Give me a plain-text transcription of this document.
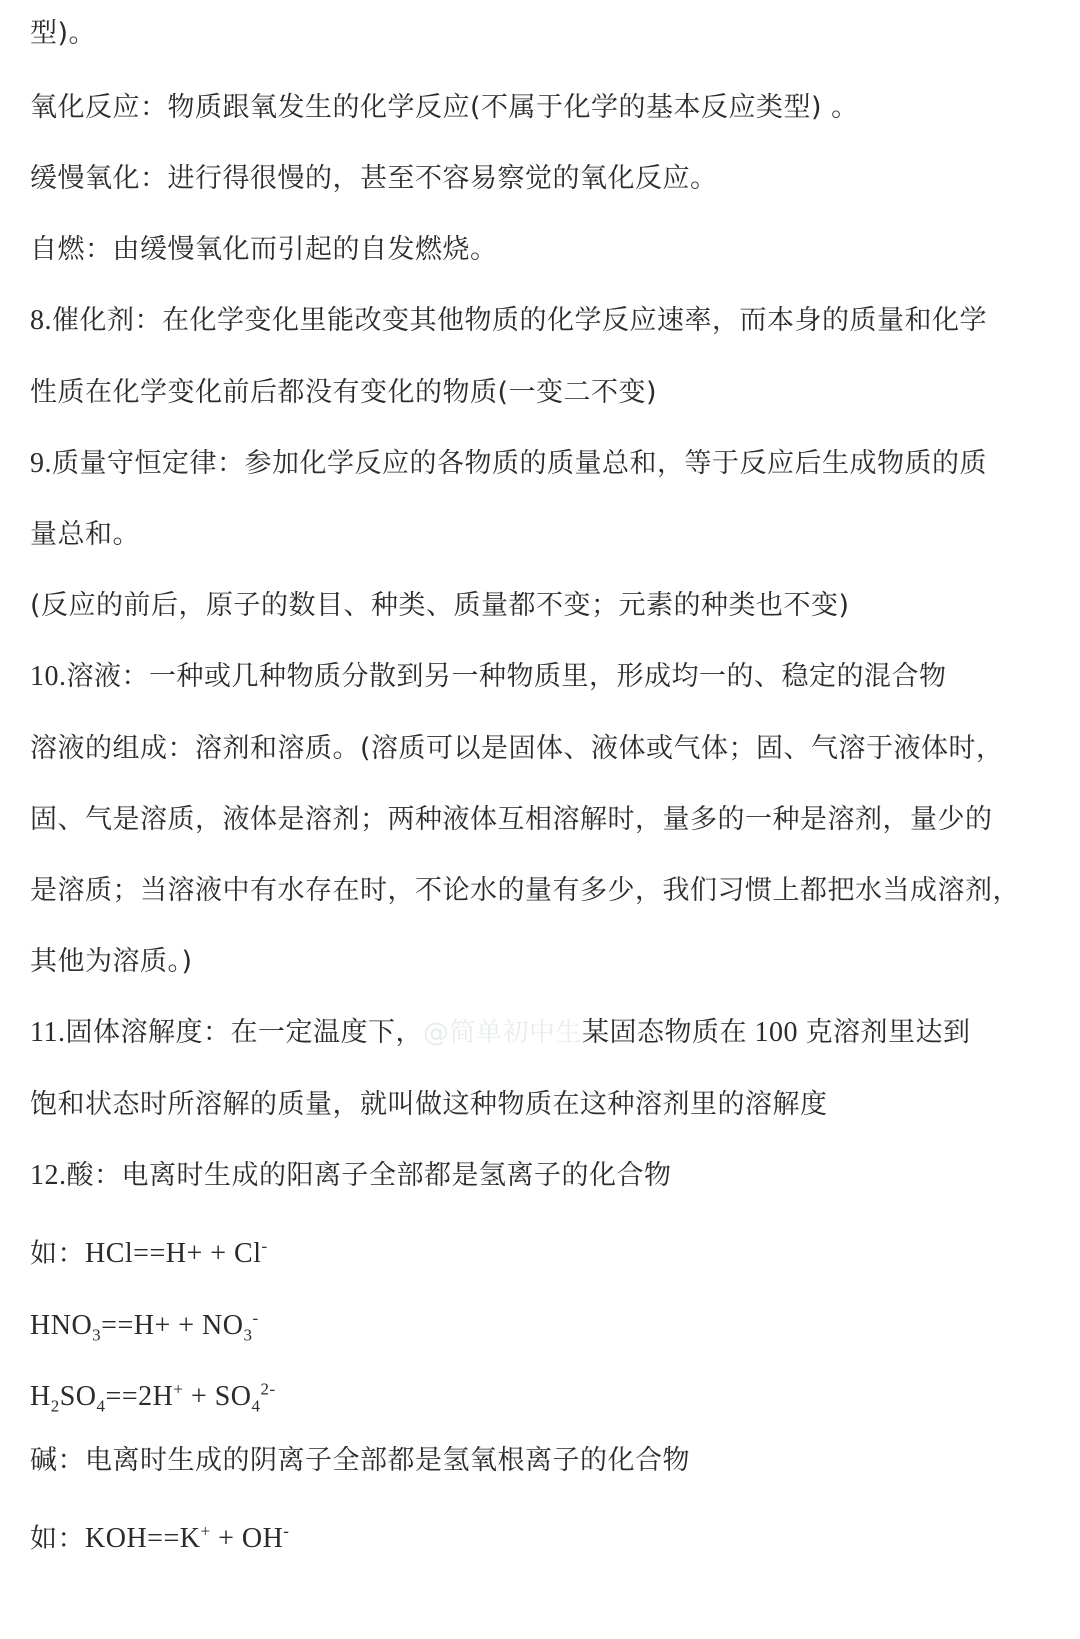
型)。
氧化反应：物质跟氧发生的化学反应(不属于化学的基本反应类型) 。
缓慢氧化：进行得很慢的，甚至不容易察觉的氧化反应。
自燃：由缓慢氧化而引起的自发燃烧。
8.催化剂：在化学变化里能改变其他物质的化学反应速率，而本身的质量和化学
性质在化学变化前后都没有变化的物质(一变二不变)
9.质量守恒定律：参加化学反应的各物质的质量总和，等于反应后生成物质的质
量总和。
(反应的前后，原子的数目、种类、质量都不变；元素的种类也不变)
10.溶液：一种或几种物质分散到另一种物质里，形成均一的、稳定的混合物
溶液的组成：溶剂和溶质。(溶质可以是固体、液体或气体；固、气溶于液体时，
固、气是溶质，液体是溶剂；两种液体互相溶解时，量多的一种是溶剂，量少的
是溶质；当溶液中有水存在时，不论水的量有多少，我们习惯上都把水当成溶剂，
其他为溶质。)
11.固体溶解度：在一定温度下，@简单初中生某固态物质在 100 克溶剂里达到
饱和状态时所溶解的质量，就叫做这种物质在这种溶剂里的溶解度
12.酸：电离时生成的阳离子全部都是氢离子的化合物
如：HCl==H+ + Cl-
$HNO_3==H+ + NO_3^-$
$H_2SO_4==2H^+ + SO_4^{2-}$
碱：电离时生成的阴离子全部都是氢氧根离子的化合物
如：KOH==K+ + OH-
